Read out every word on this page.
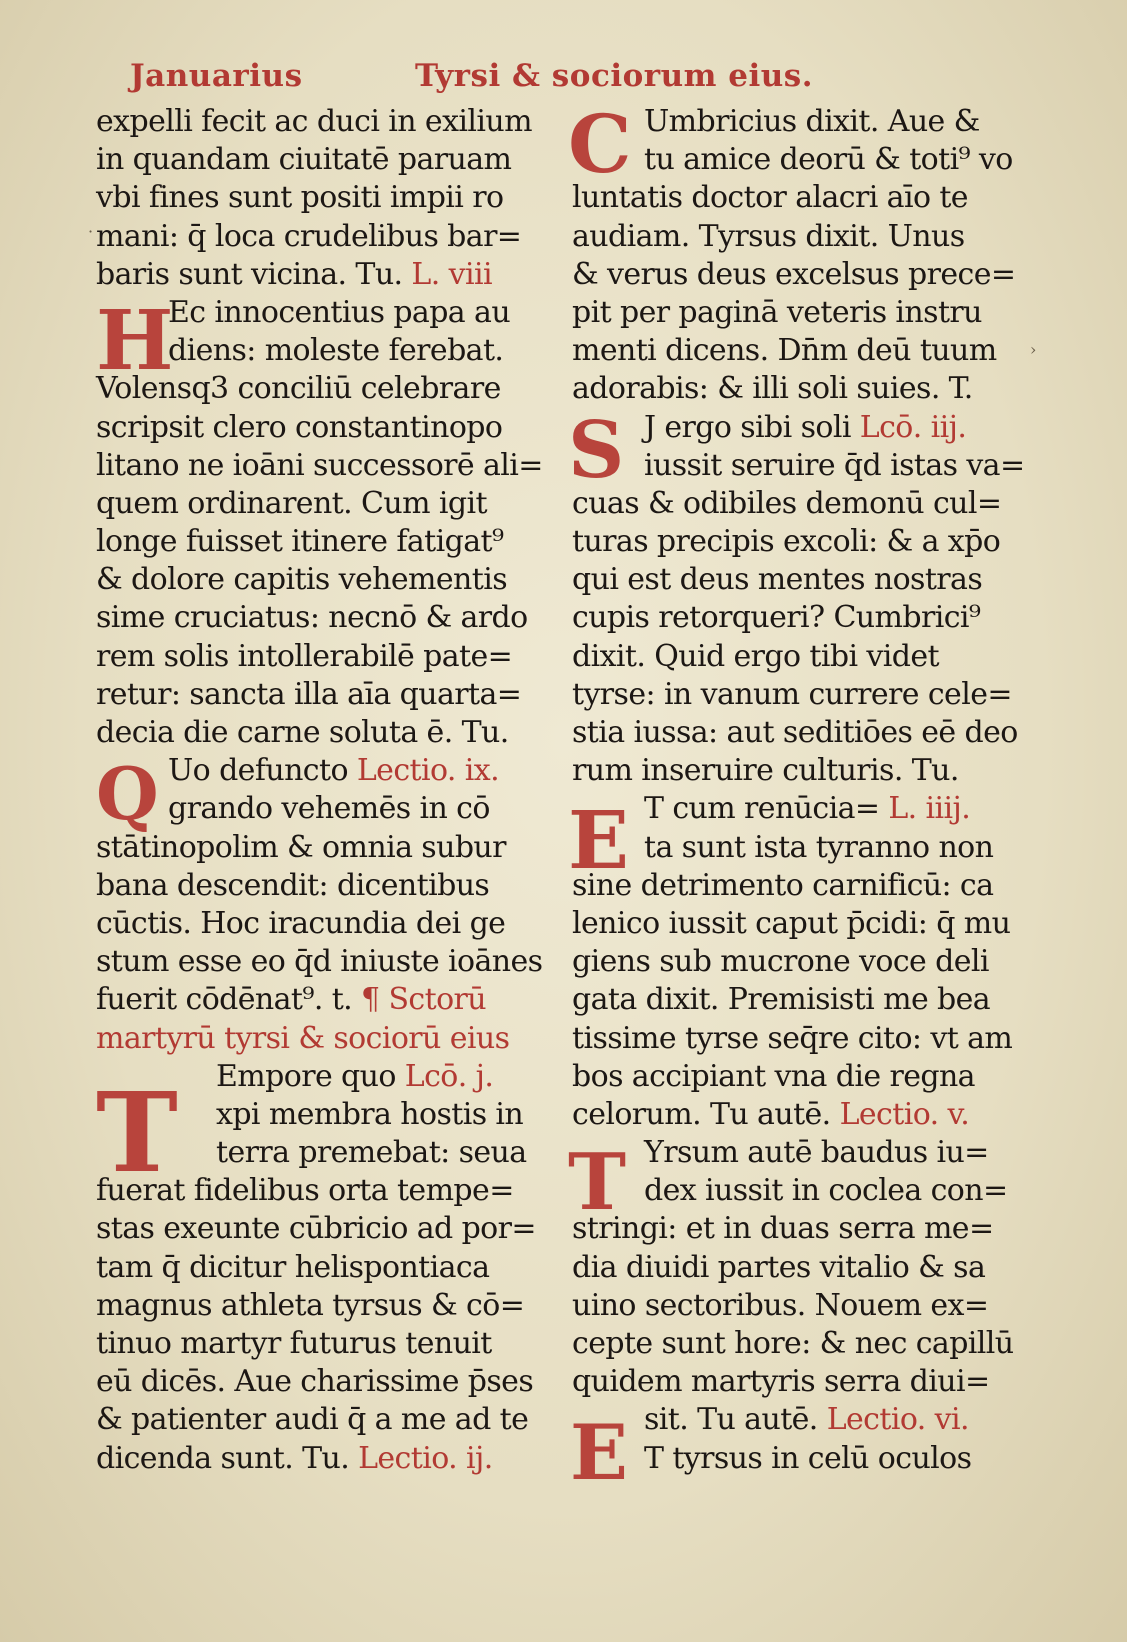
Januarius	Tyrsi & sociorum eius.
C
S
E
T
E
H
Q
T
expelli fecit ac duci in exilium
in quandam ciuitatē paruam
vbi fines sunt positi impii ro
mani: q̄ loca crudelibus bar=
baris sunt vicina. Tu. L. viii
Ec innocentius papa au
diens: moleste ferebat.
Volensq3 conciliū celebrare
scripsit clero constantinopo
litano ne ioāni successorē ali=
quem ordinarent. Cum igit
longe fuisset itinere fatigat⁹
& dolore capitis vehementis
sime cruciatus: necnō & ardo
rem solis intollerabilē pate=
retur: sancta illa aīa quarta=
decia die carne soluta ē. Tu.
Uo defuncto Lectio. ix.
grando vehemēs in cō
stātinopolim & omnia subur
bana descendit: dicentibus
cūctis. Hoc iracundia dei ge
stum esse eo q̄d iniuste ioānes
fuerit cōdēnat⁹. t. ¶ Sctorū
martyrū tyrsi & sociorū eius
Empore quo Lcō. j.
xpi membra hostis in
terra premebat: seua
fuerat fidelibus orta tempe=
stas exeunte cūbricio ad por=
tam q̄ dicitur helispontiaca
magnus athleta tyrsus & cō=
tinuo martyr futurus tenuit
eū dicēs. Aue charissime p̄ses
& patienter audi q̄ a me ad te
dicenda sunt. Tu. Lectio. ij.
Umbricius dixit. Aue &
tu amice deorū & toti⁹ vo
luntatis doctor alacri aīo te
audiam. Tyrsus dixit. Unus
& verus deus excelsus prece=
pit per paginā veteris instru
menti dicens. Dn̄m deū tuum
adorabis: & illi soli suies. T.
J ergo sibi soli Lcō. iij.
iussit seruire q̄d istas va=
cuas & odibiles demonū cul=
turas precipis excoli: & a xp̄o
qui est deus mentes nostras
cupis retorqueri? Cumbrici⁹
dixit. Quid ergo tibi videt
tyrse: in vanum currere cele=
stia iussa: aut seditiōes eē deo
rum inseruire culturis. Tu.
T cum renūcia= L. iiij.
ta sunt ista tyranno non
sine detrimento carnificū: ca
lenico iussit caput p̄cidi: q̄ mu
giens sub mucrone voce deli
gata dixit. Premisisti me bea
tissime tyrse seq̄re cito: vt am
bos accipiant vna die regna
celorum. Tu autē. Lectio. v.
Yrsum autē baudus iu=
dex iussit in coclea con=
stringi: et in duas serra me=
dia diuidi partes vitalio & sa
uino sectoribus. Nouem ex=
cepte sunt hore: & nec capillū
quidem martyris serra diui=
sit. Tu autē. Lectio. vi.
T tyrsus in celū oculos
·
›
